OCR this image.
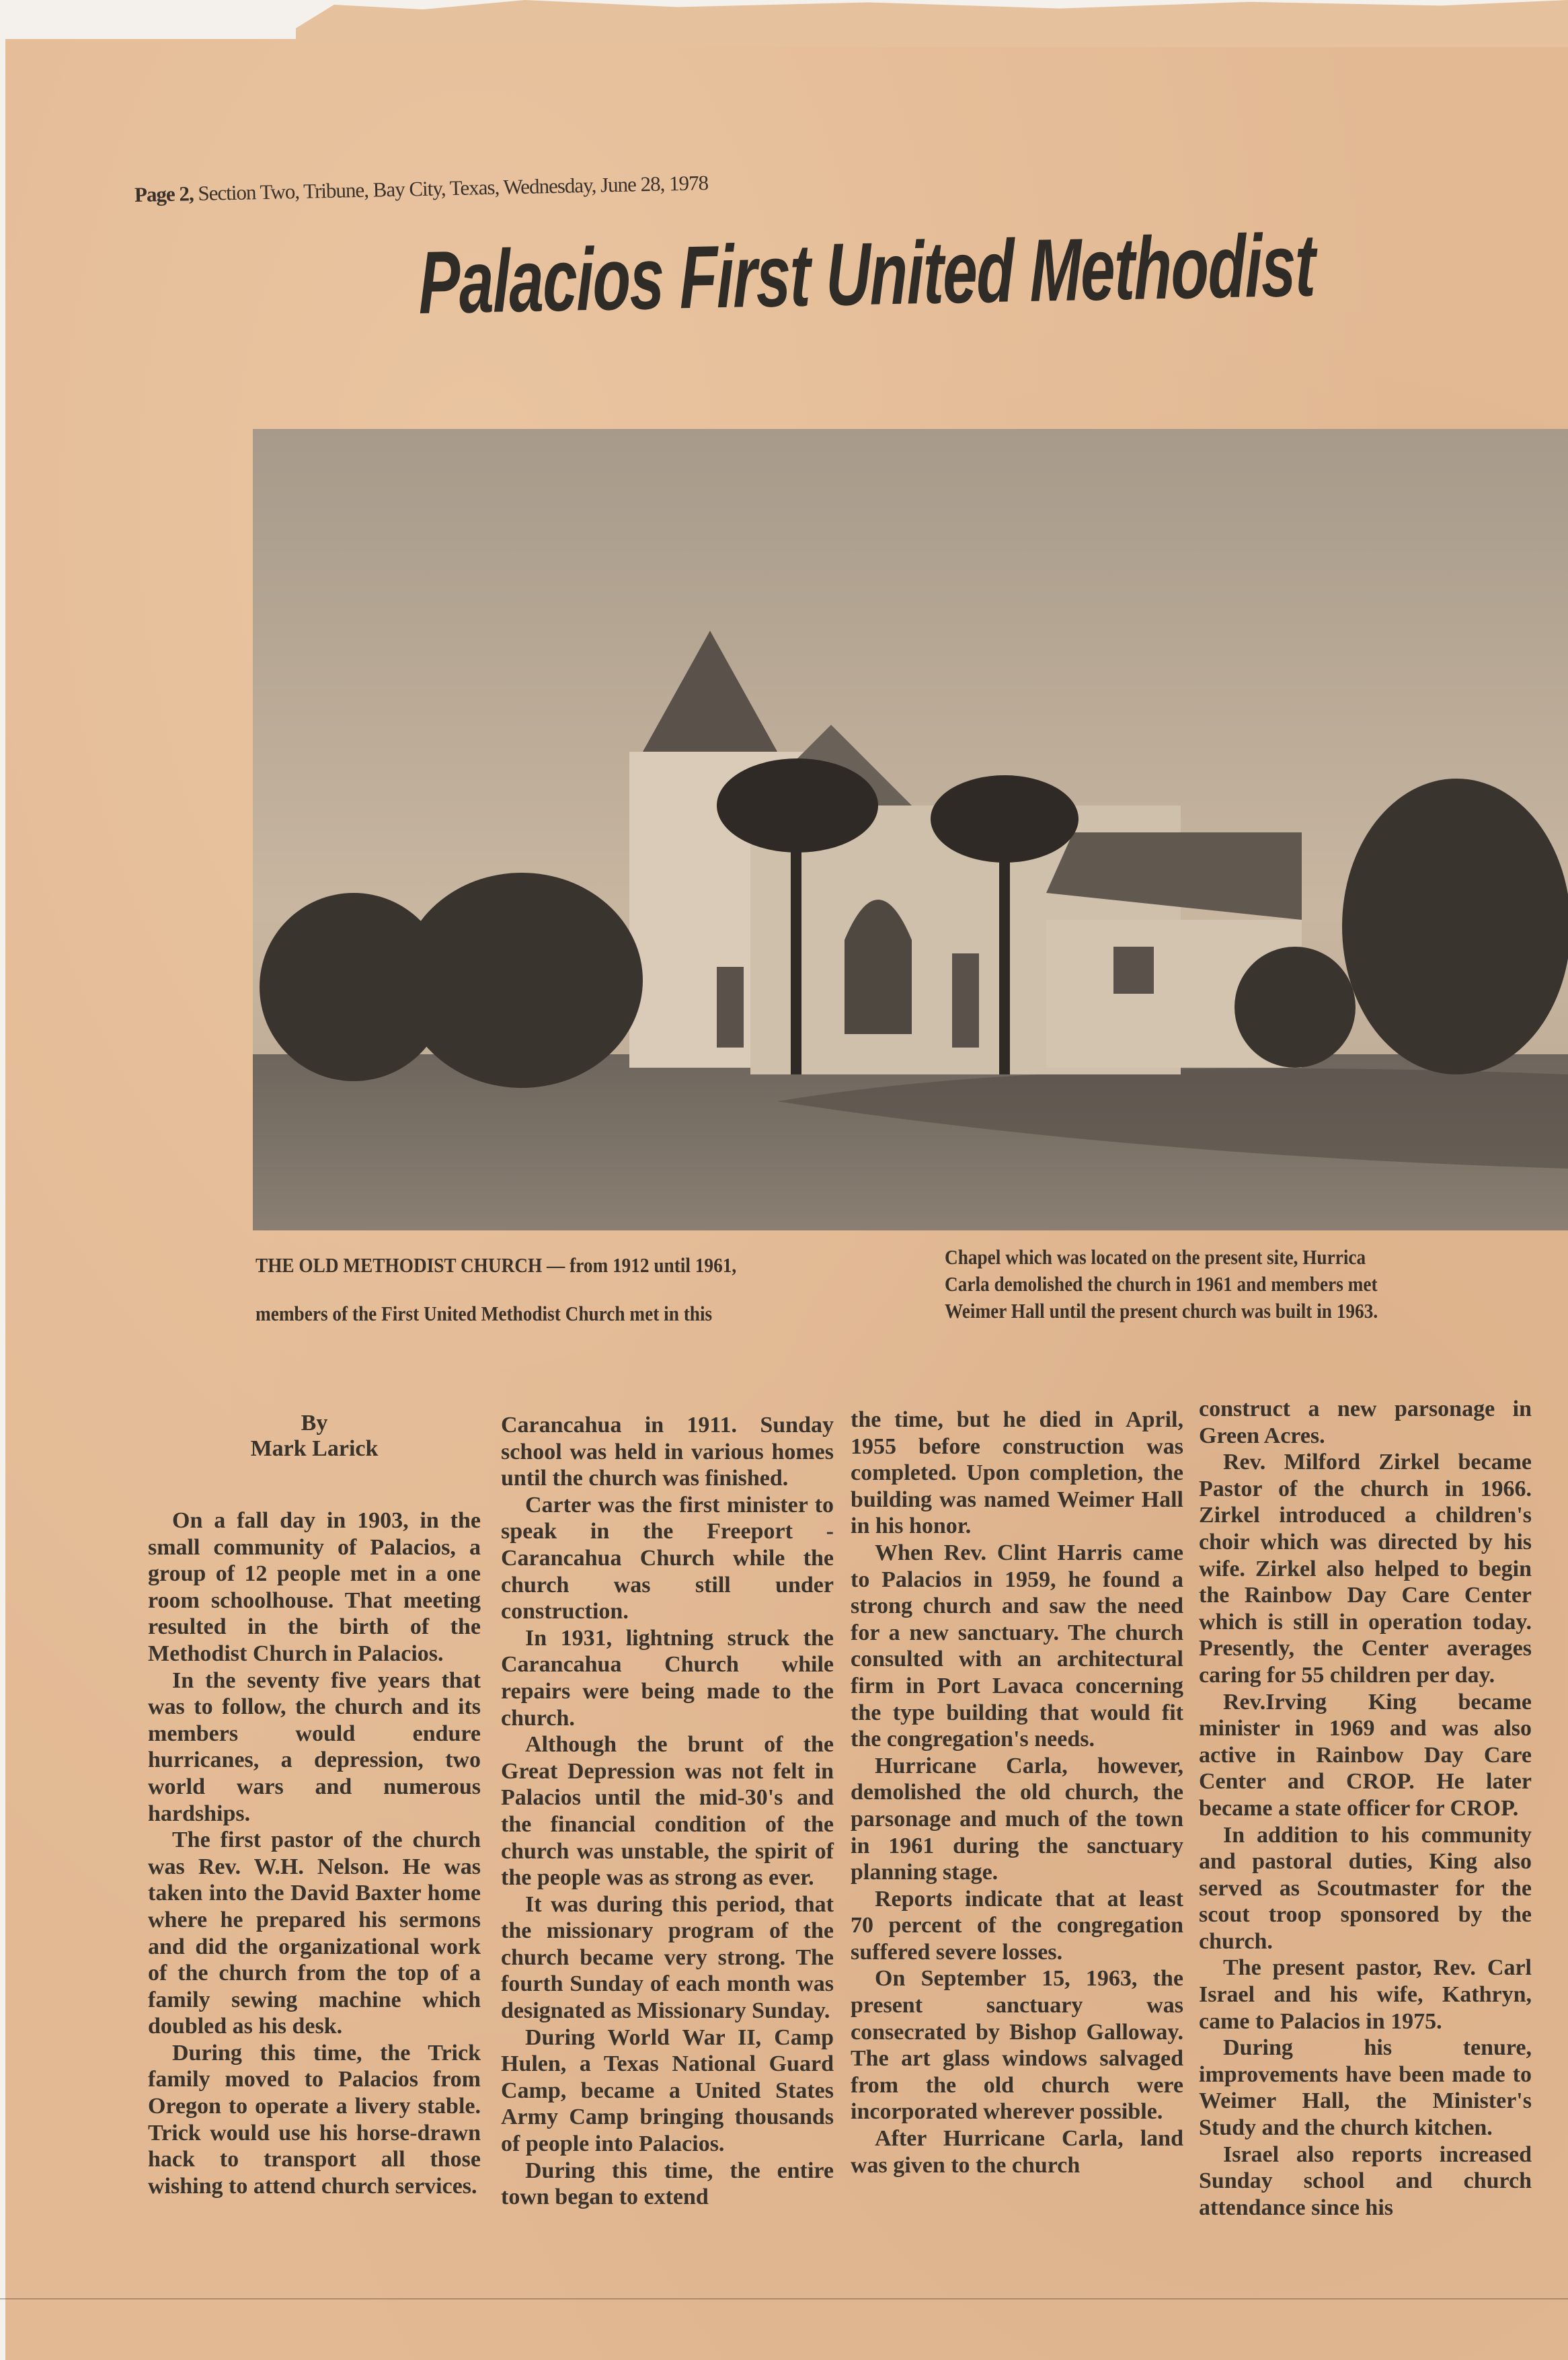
Page 2, Section Two, Tribune, Bay City, Texas, Wednesday, June 28, 1978
Palacios First United Methodist
THE OLD METHODIST CHURCH — from 1912 until 1961,
members of the First United Methodist Church met in this
Chapel which was located on the present site, Hurrica
Carla demolished the church in 1961 and members met
Weimer Hall until the present church was built in 1963.
By
Mark Larick

On a fall day in 1903, in the small community of Palacios, a group of 12 people met in a one room schoolhouse. That meeting resulted in the birth of the Methodist Church in Palacios.

In the seventy five years that was to follow, the church and its members would endure hurricanes, a depression, two world wars and numerous hardships.

The first pastor of the church was Rev. W.H. Nelson. He was taken into the David Baxter home where he prepared his sermons and did the organizational work of the church from the top of a family sewing machine which doubled as his desk.

During this time, the Trick family moved to Palacios from Oregon to operate a livery stable. Trick would use his horse-drawn hack to transport all those wishing to attend church services.

Carancahua in 1911. Sunday school was held in various homes until the church was finished.

Carter was the first minister to speak in the Freeport - Carancahua Church while the church was still under construction.

In 1931, lightning struck the Carancahua Church while repairs were being made to the church.

Although the brunt of the Great Depression was not felt in Palacios until the mid-30's and the financial condition of the church was unstable, the spirit of the people was as strong as ever.

It was during this period, that the missionary program of the church became very strong. The fourth Sunday of each month was designated as Missionary Sunday.

During World War II, Camp Hulen, a Texas National Guard Camp, became a United States Army Camp bringing thousands of people into Palacios.

During this time, the entire town began to extend

the time, but he died in April, 1955 before construction was completed. Upon completion, the building was named Weimer Hall in his honor.

When Rev. Clint Harris came to Palacios in 1959, he found a strong church and saw the need for a new sanctuary. The church consulted with an architectural firm in Port Lavaca concerning the type building that would fit the congregation's needs.

Hurricane Carla, however, demolished the old church, the parsonage and much of the town in 1961 during the sanctuary planning stage.

Reports indicate that at least 70 percent of the congregation suffered severe losses.

On September 15, 1963, the present sanctuary was consecrated by Bishop Galloway. The art glass windows salvaged from the old church were incorporated wherever possible.

After Hurricane Carla, land was given to the church

construct a new parsonage in Green Acres.

Rev. Milford Zirkel became Pastor of the church in 1966. Zirkel introduced a children's choir which was directed by his wife. Zirkel also helped to begin the Rainbow Day Care Center which is still in operation today. Presently, the Center averages caring for 55 children per day.

Rev.Irving King became minister in 1969 and was also active in Rainbow Day Care Center and CROP. He later became a state officer for CROP.

In addition to his community and pastoral duties, King also served as Scoutmaster for the scout troop sponsored by the church.

The present pastor, Rev. Carl Israel and his wife, Kathryn, came to Palacios in 1975.

During his tenure, improvements have been made to Weimer Hall, the Minister's Study and the church kitchen.

Israel also reports increased Sunday school and church attendance since his
